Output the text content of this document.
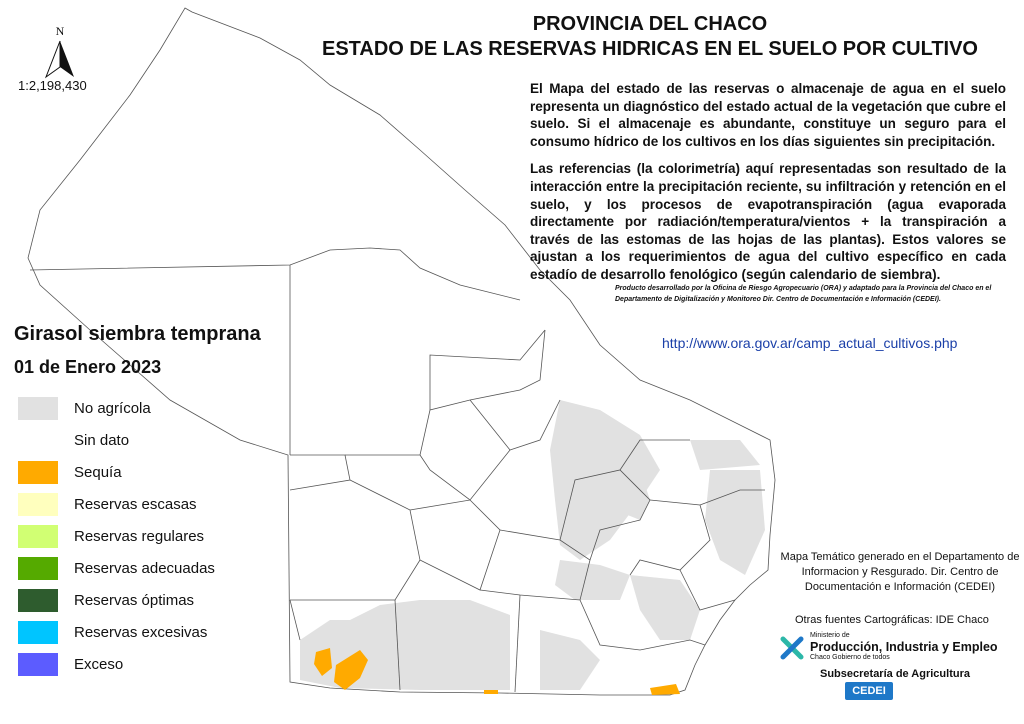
N
1:2,198,430
PROVINCIA DEL CHACO
ESTADO DE LAS RESERVAS HIDRICAS EN EL SUELO POR CULTIVO

El Mapa del estado de las reservas o almacenaje de agua en el suelo representa un diagnóstico del estado actual de la vegetación que cubre el suelo. Si el almacenaje es abundante, constituye un seguro para el consumo hídrico de los cultivos en los días siguientes sin precipitación.

Las referencias (la colorimetría) aquí representadas son resultado de la interacción entre la precipitación reciente, su infiltración y retención en el suelo, y los procesos de evapotranspiración (agua evaporada directamente por radiación/temperatura/vientos + la transpiración a través de las estomas de las hojas de las plantas). Estos valores se ajustan a los requerimientos de agua del cultivo específico en cada estadío de desarrollo fenológico (según calendario de siembra).

Producto desarrollado por la Oficina de Riesgo Agropecuario (ORA) y adaptado para la Provincia del Chaco en el Departamento de Digitalización y Monitoreo Dir. Centro de Documentación e Información (CEDEI).
http://www.ora.gov.ar/camp_actual_cultivos.php
Girasol siembra temprana
01 de Enero 2023
No agrícola
Sin dato
Sequía
Reservas escasas
Reservas regulares
Reservas adecuadas
Reservas óptimas
Reservas excesivas
Exceso
Mapa Temático generado en el Departamento de Informacion y Resgurado. Dir. Centro de Documentación e Información (CEDEI)
Otras fuentes Cartográficas: IDE Chaco
Ministerio de
Producción, Industria y Empleo
Chaco Gobierno de todos
Subsecretaría de Agricultura
CEDEI
